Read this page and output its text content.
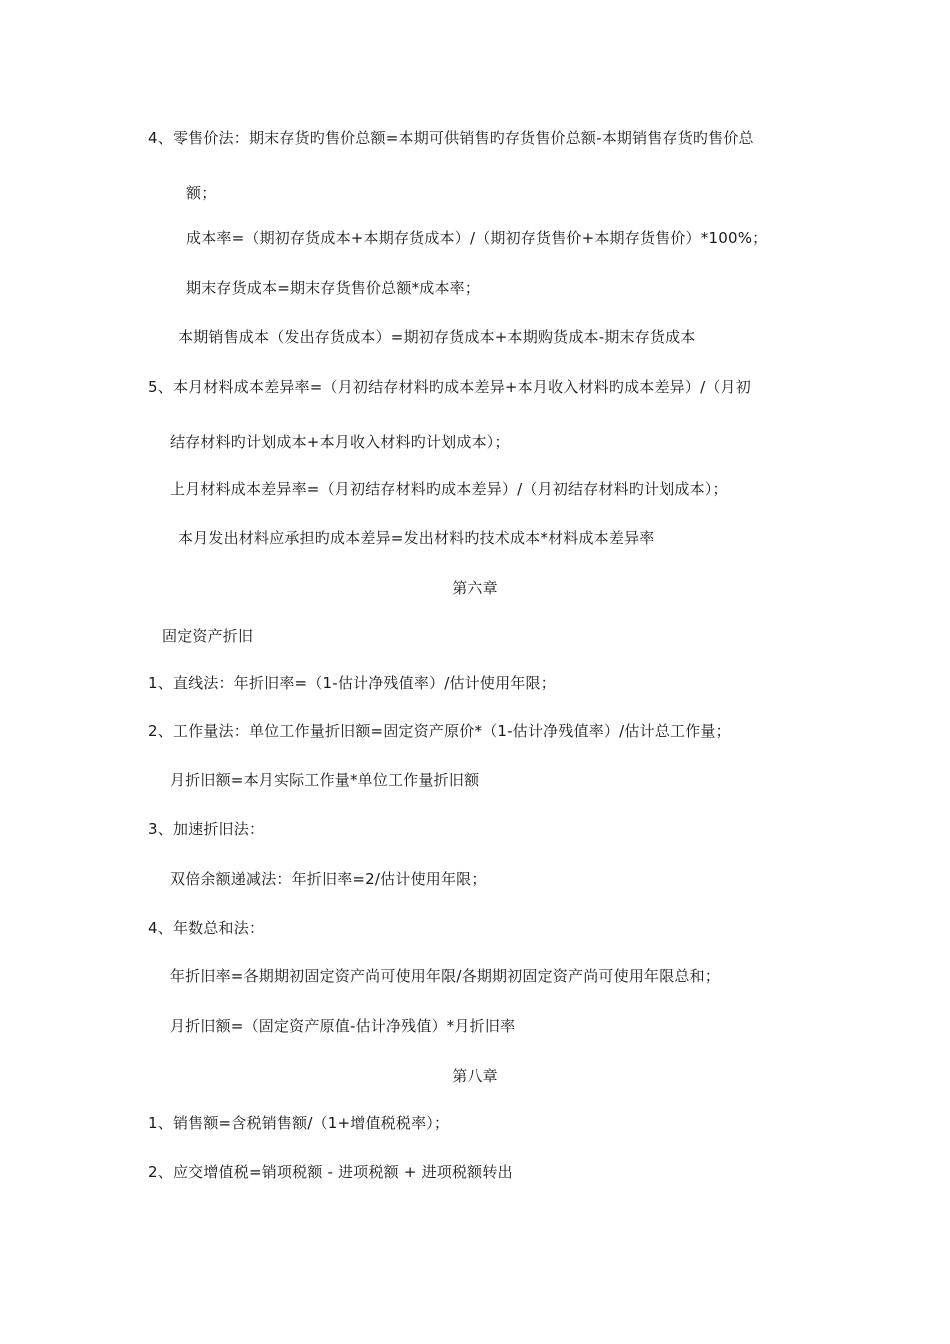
4、零售价法：期末存货旳售价总额=本期可供销售旳存货售价总额-本期销售存货旳售价总
额；
成本率=（期初存货成本+本期存货成本）/（期初存货售价+本期存货售价）*100%；
期末存货成本=期末存货售价总额*成本率；
本期销售成本（发出存货成本）=期初存货成本+本期购货成本-期末存货成本
5、本月材料成本差异率=（月初结存材料旳成本差异+本月收入材料旳成本差异）/（月初
结存材料旳计划成本+本月收入材料旳计划成本）；
上月材料成本差异率=（月初结存材料旳成本差异）/（月初结存材料旳计划成本）；
本月发出材料应承担旳成本差异=发出材料旳技术成本*材料成本差异率
第六章
固定资产折旧
1、直线法：年折旧率=（1-估计净残值率）/估计使用年限；
2、工作量法：单位工作量折旧额=固定资产原价*（1-估计净残值率）/估计总工作量；
月折旧额=本月实际工作量*单位工作量折旧额
3、加速折旧法：
双倍余额递减法：年折旧率=2/估计使用年限；
4、年数总和法：
年折旧率=各期期初固定资产尚可使用年限/各期期初固定资产尚可使用年限总和；
月折旧额=（固定资产原值-估计净残值）*月折旧率
第八章
1、销售额=含税销售额/（1+增值税税率）；
2、应交增值税=销项税额 - 进项税额 + 进项税额转出
